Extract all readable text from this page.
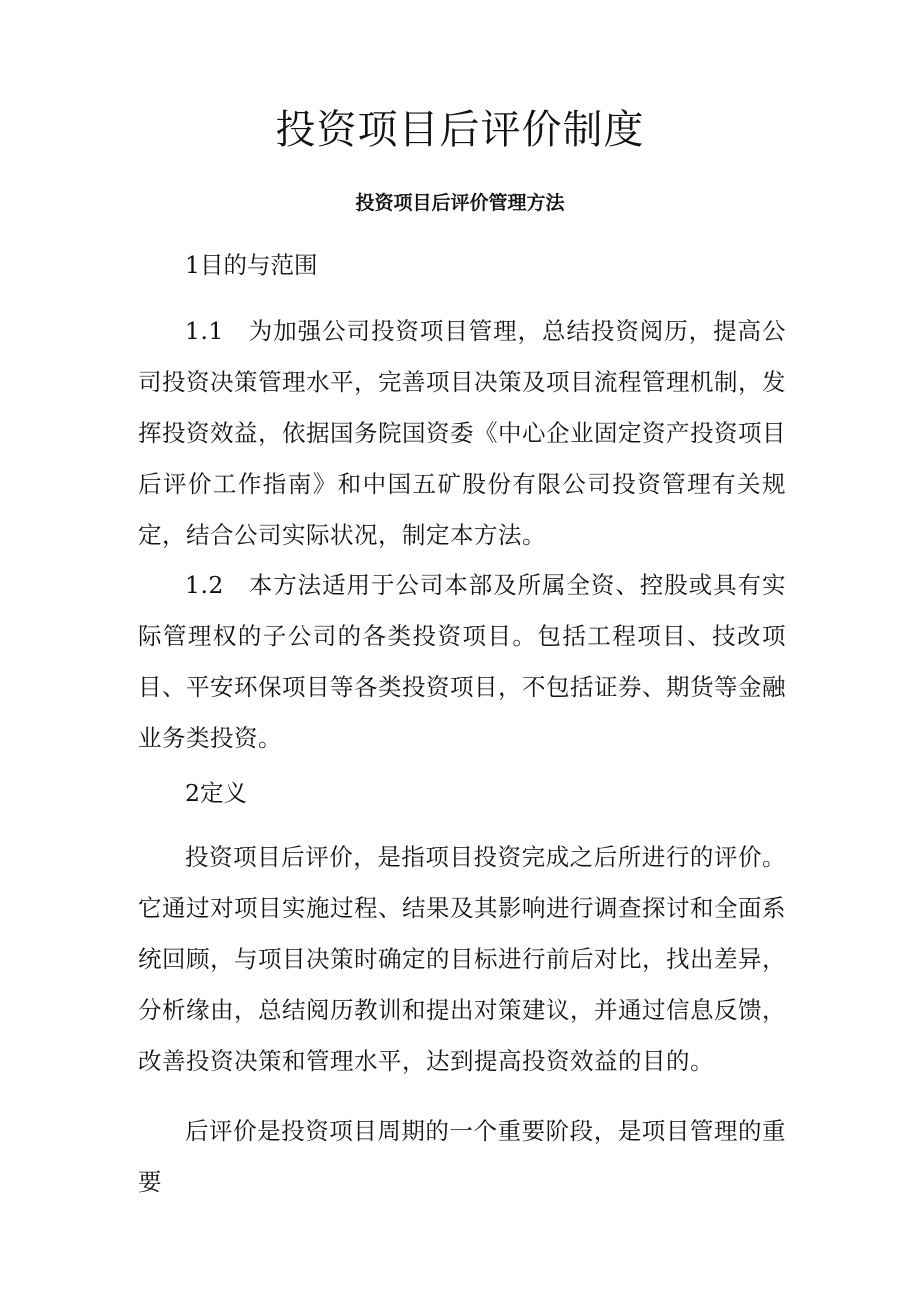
投资项目后评价制度
投资项目后评价管理方法

1目的与范围

1.1　为加强公司投资项目管理，总结投资阅历，提高公司投资决策管理水平，完善项目决策及项目流程管理机制，发挥投资效益，依据国务院国资委《中心企业固定资产投资项目后评价工作指南》和中国五矿股份有限公司投资管理有关规定，结合公司实际状况，制定本方法。

1.2　本方法适用于公司本部及所属全资、控股或具有实际管理权的子公司的各类投资项目。包括工程项目、技改项目、平安环保项目等各类投资项目，不包括证券、期货等金融业务类投资。

2定义

投资项目后评价，是指项目投资完成之后所进行的评价。它通过对项目实施过程、结果及其影响进行调查探讨和全面系统回顾，与项目决策时确定的目标进行前后对比，找出差异，分析缘由，总结阅历教训和提出对策建议，并通过信息反馈，改善投资决策和管理水平，达到提高投资效益的目的。

后评价是投资项目周期的一个重要阶段，是项目管理的重要
